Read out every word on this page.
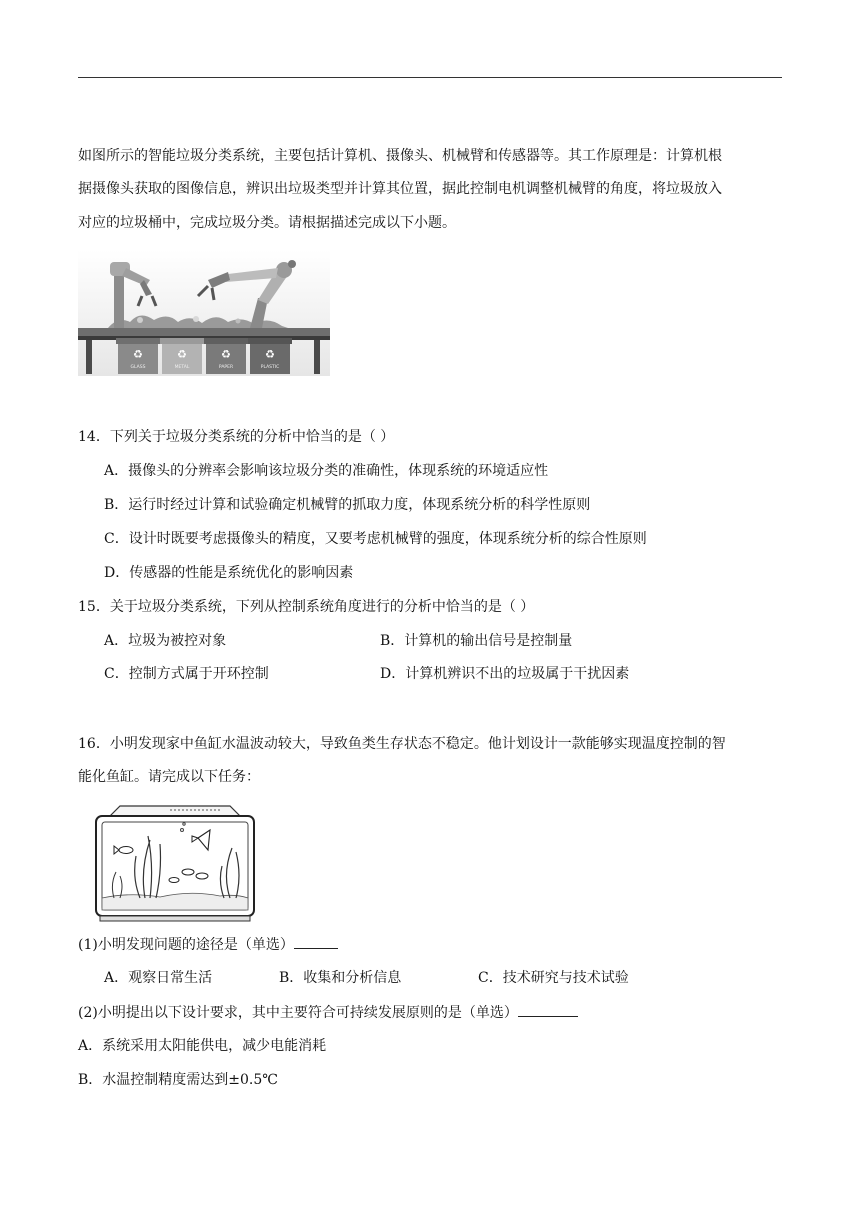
如图所示的智能垃圾分类系统，主要包括计算机、摄像头、机械臂和传感器等。其工作原理是：计算机根
据摄像头获取的图像信息，辨识出垃圾类型并计算其位置，据此控制电机调整机械臂的角度，将垃圾放入
对应的垃圾桶中，完成垃圾分类。请根据描述完成以下小题。
♻	♻	♻	♻
GLASS	METAL	PAPER	PLASTIC
14．下列关于垃圾分类系统的分析中恰当的是（ ）
A．摄像头的分辨率会影响该垃圾分类的准确性，体现系统的环境适应性
B．运行时经过计算和试验确定机械臂的抓取力度，体现系统分析的科学性原则
C．设计时既要考虑摄像头的精度，又要考虑机械臂的强度，体现系统分析的综合性原则
D．传感器的性能是系统优化的影响因素
15．关于垃圾分类系统，下列从控制系统角度进行的分析中恰当的是（ ）
A．垃圾为被控对象	B．计算机的输出信号是控制量
C．控制方式属于开环控制	D．计算机辨识不出的垃圾属于干扰因素
16．小明发现家中鱼缸水温波动较大，导致鱼类生存状态不稳定。他计划设计一款能够实现温度控制的智
能化鱼缸。请完成以下任务：
(1)小明发现问题的途径是（单选）
A．观察日常生活	B．收集和分析信息	C．技术研究与技术试验
(2)小明提出以下设计要求，其中主要符合可持续发展原则的是（单选）
A．系统采用太阳能供电，减少电能消耗
B．水温控制精度需达到±0.5℃
